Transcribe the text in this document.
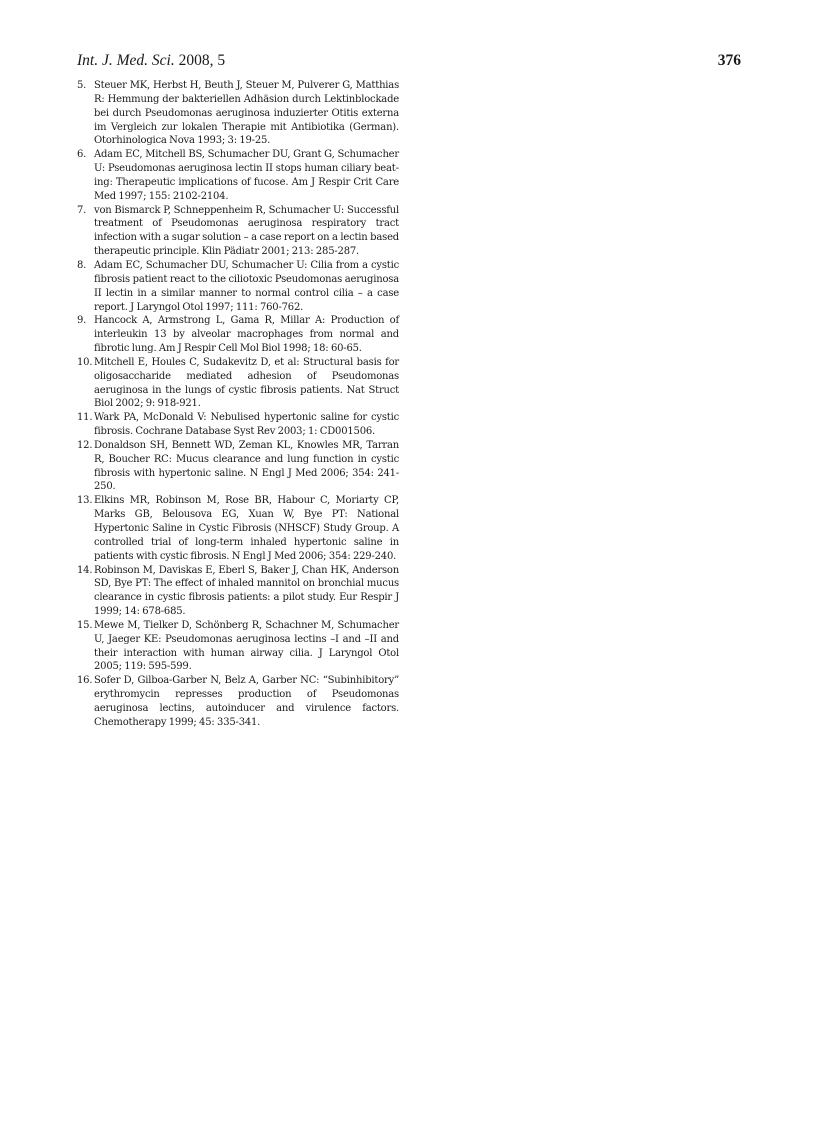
Int. J. Med. Sci. 2008, 5	376
5. Steuer MK, Herbst H, Beuth J, Steuer M, Pulverer G, Matthias R: Hemmung der bakteriellen Adhäsion durch Lektinblockade bei durch Pseudomonas aeruginosa induzierter Otitis externa im Vergleich zur lokalen Therapie mit Antibiotika (German). Otorhinologica Nova 1993; 3: 19-25.
6. Adam EC, Mitchell BS, Schumacher DU, Grant G, Schumacher U: Pseudomonas aeruginosa lectin II stops human ciliary beating: Therapeutic implications of fucose. Am J Respir Crit Care Med 1997; 155: 2102-2104.
7. von Bismarck P, Schneppenheim R, Schumacher U: Successful treatment of Pseudomonas aeruginosa respiratory tract infection with a sugar solution – a case report on a lectin based therapeutic principle. Klin Pädiatr 2001; 213: 285-287.
8. Adam EC, Schumacher DU, Schumacher U: Cilia from a cystic fibrosis patient react to the ciliotoxic Pseudomonas aeruginosa II lectin in a similar manner to normal control cilia – a case report. J Laryngol Otol 1997; 111: 760-762.
9. Hancock A, Armstrong L, Gama R, Millar A: Production of interleukin 13 by alveolar macrophages from normal and fibrotic lung. Am J Respir Cell Mol Biol 1998; 18: 60-65.
10. Mitchell E, Houles C, Sudakevitz D, et al: Structural basis for oligosaccharide mediated adhesion of Pseudomonas aeruginosa in the lungs of cystic fibrosis patients. Nat Struct Biol 2002; 9: 918-921.
11. Wark PA, McDonald V: Nebulised hypertonic saline for cystic fibrosis. Cochrane Database Syst Rev 2003; 1: CD001506.
12. Donaldson SH, Bennett WD, Zeman KL, Knowles MR, Tarran R, Boucher RC: Mucus clearance and lung function in cystic fibrosis with hypertonic saline. N Engl J Med 2006; 354: 241-250.
13. Elkins MR, Robinson M, Rose BR, Habour C, Moriarty CP, Marks GB, Belousova EG, Xuan W, Bye PT: National Hypertonic Saline in Cystic Fibrosis (NHSCF) Study Group. A controlled trial of long-term inhaled hypertonic saline in patients with cystic fibrosis. N Engl J Med 2006; 354: 229-240.
14. Robinson M, Daviskas E, Eberl S, Baker J, Chan HK, Anderson SD, Bye PT: The effect of inhaled mannitol on bronchial mucus clearance in cystic fibrosis patients: a pilot study. Eur Respir J 1999; 14: 678-685.
15. Mewe M, Tielker D, Schönberg R, Schachner M, Schumacher U, Jaeger KE: Pseudomonas aeruginosa lectins –I and –II and their interaction with human airway cilia. J Laryngol Otol 2005; 119: 595-599.
16. Sofer D, Gilboa-Garber N, Belz A, Garber NC: “Subinhibitory” erythromycin represses production of Pseudomonas aeruginosa lectins, autoinducer and virulence factors. Chemotherapy 1999; 45: 335-341.
